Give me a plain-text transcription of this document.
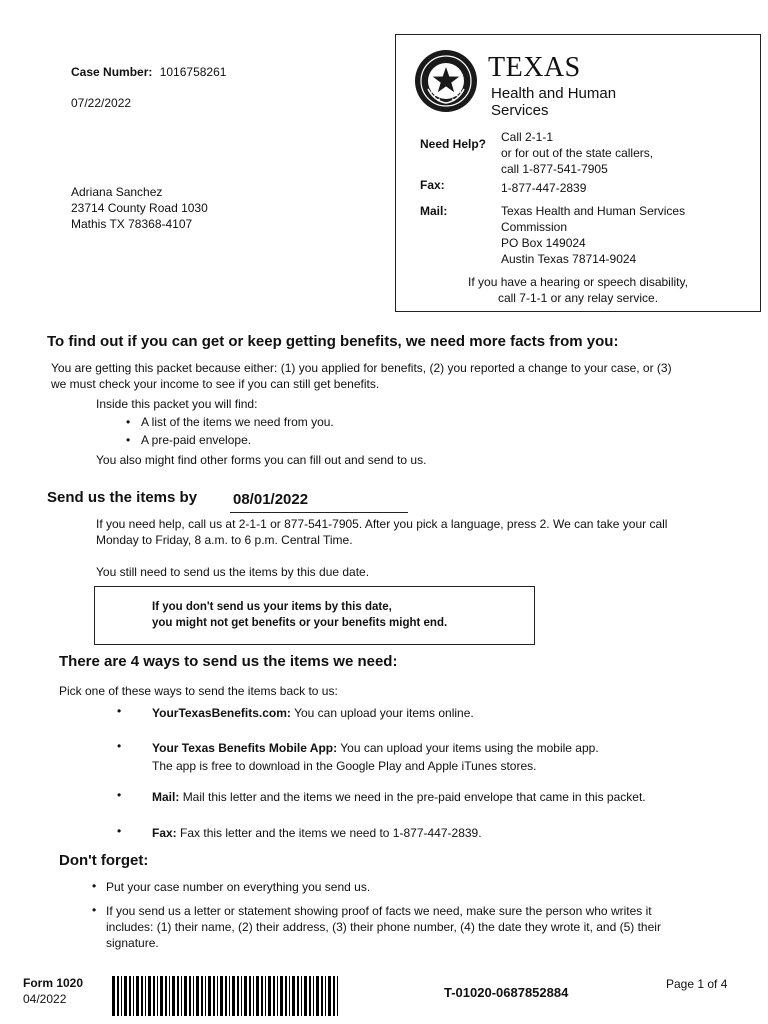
Case Number: 1016758261
07/22/2022
Adriana Sanchez
23714 County Road 1030
Mathis TX 78368-4107
TEXAS
Health and Human
Services
Need Help? Call 2-1-1
or for out of the state callers,
call 1-877-541-7905
Fax:	1-877-447-2839
Mail:	Texas Health and Human Services
Commission
PO Box 149024
Austin Texas 78714-9024
If you have a hearing or speech disability,
call 7-1-1 or any relay service.
To find out if you can get or keep getting benefits, we need more facts from you:
You are getting this packet because either: (1) you applied for benefits, (2) you reported a change to your case, or (3)
we must check your income to see if you can still get benefits.
Inside this packet you will find:
• A list of the items we need from you.
• A pre-paid envelope.
You also might find other forms you can fill out and send to us.
Send us the items by 08/01/2022
If you need help, call us at 2-1-1 or 877-541-7905. After you pick a language, press 2. We can take your call
Monday to Friday, 8 a.m. to 6 p.m. Central Time.
You still need to send us the items by this due date.
If you don't send us your items by this date,
you might not get benefits or your benefits might end.
There are 4 ways to send us the items we need:
Pick one of these ways to send the items back to us:
•	YourTexasBenefits.com: You can upload your items online.
•	Your Texas Benefits Mobile App: You can upload your items using the mobile app.
The app is free to download in the Google Play and Apple iTunes stores.
•	Mail: Mail this letter and the items we need in the pre-paid envelope that came in this packet.
•	Fax: Fax this letter and the items we need to 1-877-447-2839.
Don't forget:
• Put your case number on everything you send us.
• If you send us a letter or statement showing proof of facts we need, make sure the person who writes it
includes: (1) their name, (2) their address, (3) their phone number, (4) the date they wrote it, and (5) their
signature.
Form 1020
04/2022	T-01020-0687852884
Page 1 of 4
